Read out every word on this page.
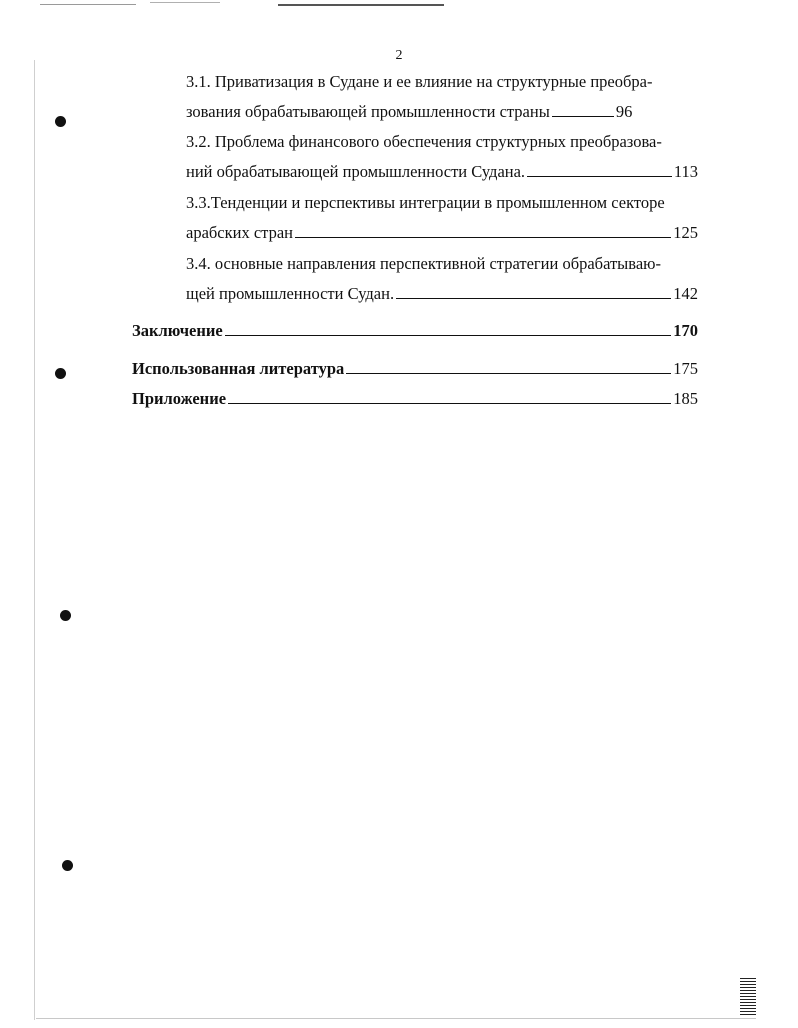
2
3.1. Приватизация в Судане и ее влияние на структурные преобра-
зования обрабатывающей промышленности страны	96
3.2. Проблема финансового обеспечения структурных преобразова-
ний обрабатывающей промышленности Судана.	113
3.3.Тенденции и перспективы интеграции в промышленном секторе
арабских стран	125
3.4. основные направления перспективной стратегии обрабатываю-
щей промышленности Судан.	142
Заключение	170
Использованная литература	175
Приложение	185
